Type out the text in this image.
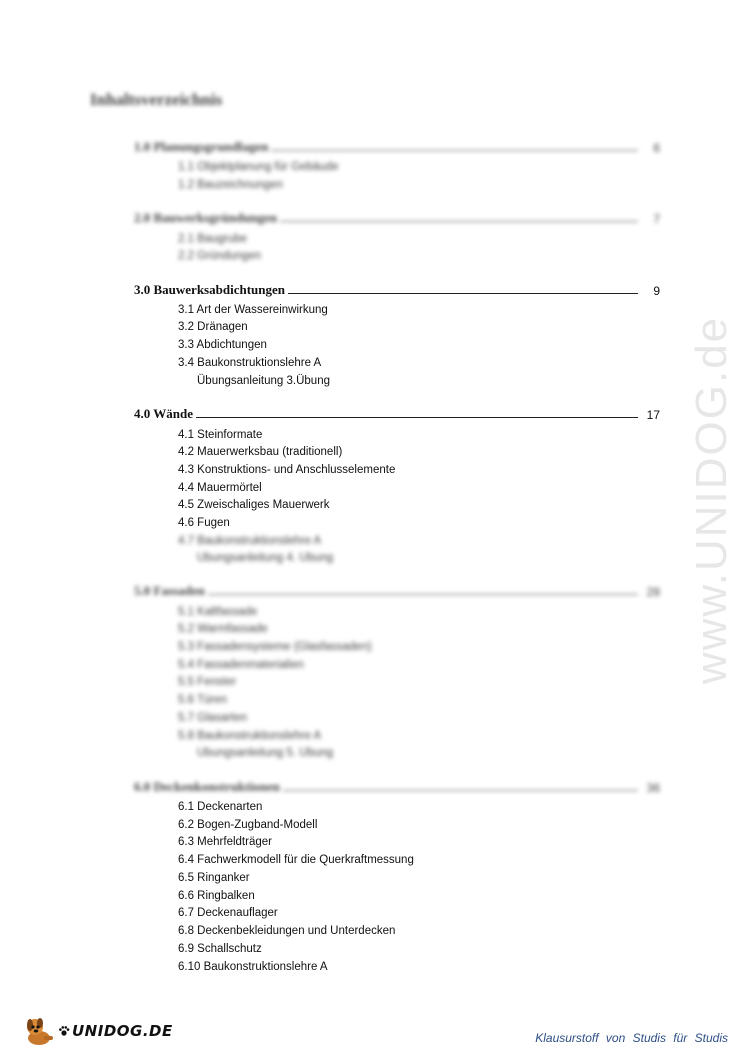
Inhaltsverzeichnis
1.0 Planungsgrundlagen	6
1.1 Objektplanung für Gebäude
1.2 Bauzeichnungen
2.0 Bauwerksgründungen	7
2.1 Baugrube
2.2 Gründungen
3.0 Bauwerksabdichtungen	9
3.1 Art der Wassereinwirkung
3.2 Dränagen
3.3 Abdichtungen
3.4 Baukonstruktionslehre A
Übungsanleitung 3.Übung
4.0 Wände	17
4.1 Steinformate
4.2 Mauerwerksbau (traditionell)
4.3 Konstruktions- und Anschlusselemente
4.4 Mauermörtel
4.5 Zweischaliges Mauerwerk
4.6 Fugen
4.7 Baukonstruktionslehre A
Übungsanleitung 4. Übung
5.0 Fassaden	28
5.1 Kaltfassade
5.2 Warmfassade
5.3 Fassadensysteme (Glasfassaden)
5.4 Fassadenmaterialien
5.5 Fenster
5.6 Türen
5.7 Glasarten
5.8 Baukonstruktionslehre A
Übungsanleitung 5. Übung
6.0 Deckenkonstruktionen	36
6.1 Deckenarten
6.2 Bogen-Zugband-Modell
6.3 Mehrfeldträger
6.4 Fachwerkmodell für die Querkraftmessung
6.5 Ringanker
6.6 Ringbalken
6.7 Deckenauflager
6.8 Deckenbekleidungen und Unterdecken
6.9 Schallschutz
6.10 Baukonstruktionslehre A
www.UNIDOG.de
UNIDOG.DE	Klausurstoff von Studis für Studis
